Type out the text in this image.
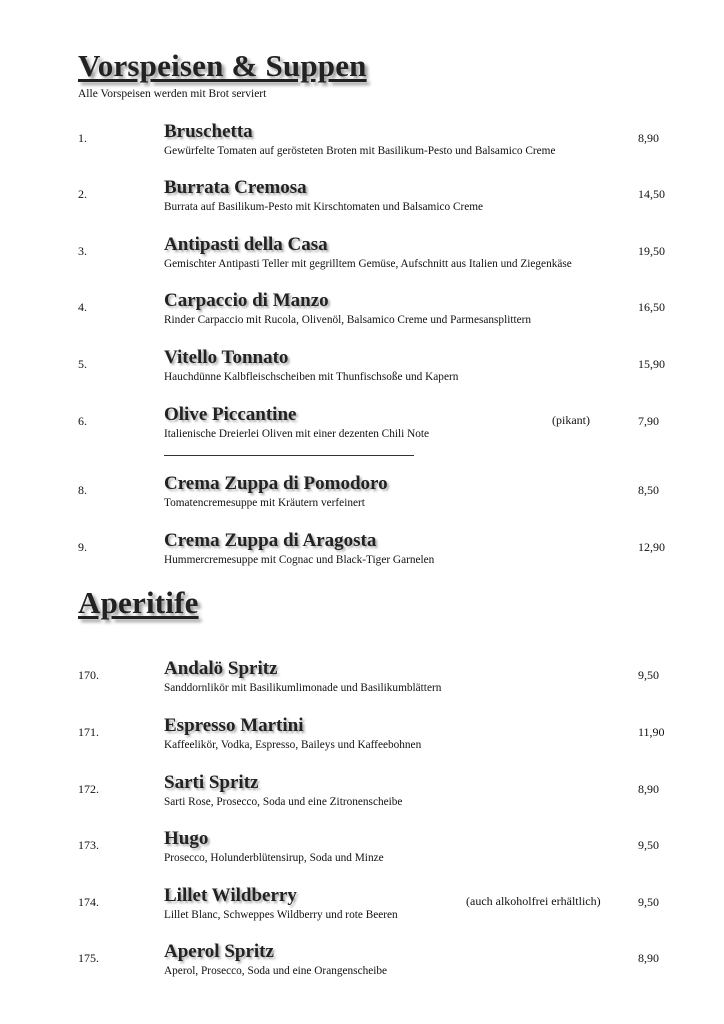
Vorspeisen & Suppen
Alle Vorspeisen werden mit Brot serviert
Aperitife
1.	Bruschetta
Gewürfelte Tomaten auf gerösteten Broten mit Basilikum-Pesto und Balsamico Creme
8,90
2.	Burrata Cremosa
Burrata auf Basilikum-Pesto mit Kirschtomaten und Balsamico Creme
14,50
3.	Antipasti della Casa
Gemischter Antipasti Teller mit gegrilltem Gemüse, Aufschnitt aus Italien und Ziegenkäse
19,50
4.	Carpaccio di Manzo
Rinder Carpaccio mit Rucola, Olivenöl, Balsamico Creme und Parmesansplittern
16,50
5.	Vitello Tonnato
Hauchdünne Kalbfleischscheiben mit Thunfischsoße und Kapern
15,90
6.	Olive Piccantine
Italienische Dreierlei Oliven mit einer dezenten Chili Note
7,90
(pikant)
8.	Crema Zuppa di Pomodoro
Tomatencremesuppe mit Kräutern verfeinert
8,50
9.	Crema Zuppa di Aragosta
Hummercremesuppe mit Cognac und Black-Tiger Garnelen
12,90
170.	Andalö Spritz
Sanddornlikör mit Basilikumlimonade und Basilikumblättern
9,50
171.	Espresso Martini
Kaffeelikör, Vodka, Espresso, Baileys und Kaffeebohnen
11,90
172.	Sarti Spritz
Sarti Rose, Prosecco, Soda und eine Zitronenscheibe
8,90
173.	Hugo
Prosecco, Holunderblütensirup, Soda und Minze
9,50
174.	Lillet Wildberry
Lillet Blanc, Schweppes Wildberry und rote Beeren
9,50
(auch alkoholfrei erhältlich)
175.	Aperol Spritz
Aperol, Prosecco, Soda und eine Orangenscheibe
8,90
